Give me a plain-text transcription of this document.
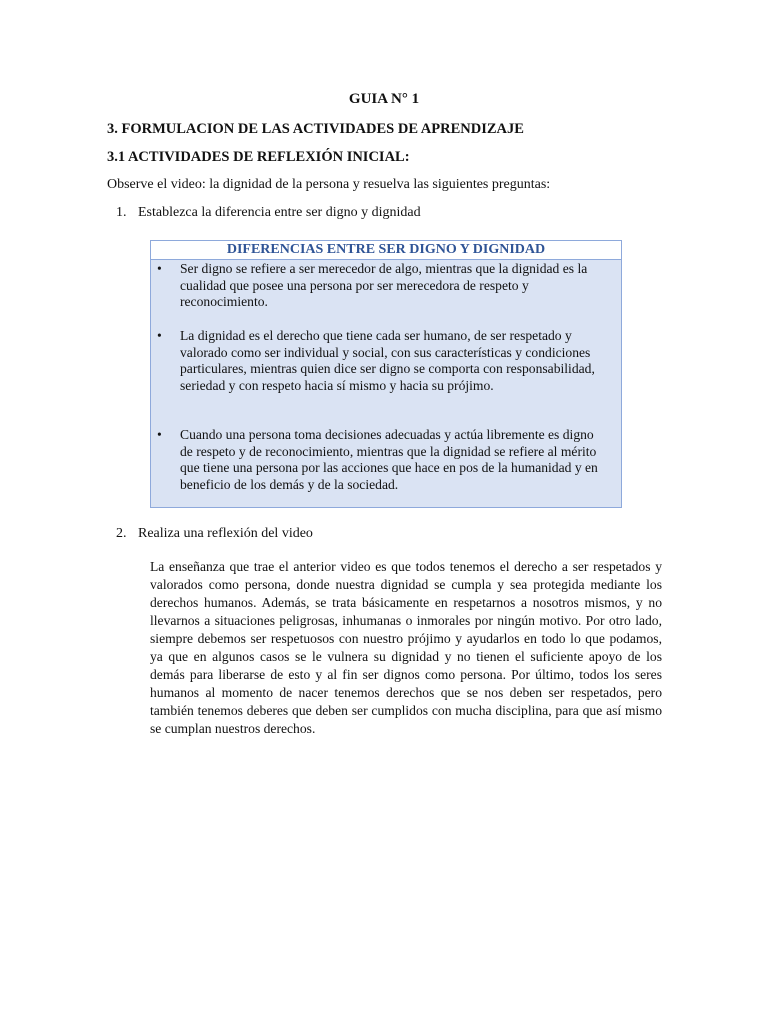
GUIA N° 1
3. FORMULACION DE LAS ACTIVIDADES DE APRENDIZAJE
3.1 ACTIVIDADES DE REFLEXIÓN INICIAL:
Observe el video: la dignidad de la persona y resuelva las siguientes preguntas:
1. Establezca la diferencia entre ser digno y dignidad
DIFERENCIAS ENTRE SER DIGNO Y DIGNIDAD
• Ser digno se refiere a ser merecedor de algo, mientras que la dignidad es la cualidad que posee una persona por ser merecedora de respeto y reconocimiento.
• La dignidad es el derecho que tiene cada ser humano, de ser respetado y valorado como ser individual y social, con sus características y condiciones particulares, mientras quien dice ser digno se comporta con responsabilidad, seriedad y con respeto hacia sí mismo y hacia su prójimo.
• Cuando una persona toma decisiones adecuadas y actúa libremente es digno de respeto y de reconocimiento, mientras que la dignidad se refiere al mérito que tiene una persona por las acciones que hace en pos de la humanidad y en beneficio de los demás y de la sociedad.
2. Realiza una reflexión del video
La enseñanza que trae el anterior video es que todos tenemos el derecho a ser respetados y valorados como persona, donde nuestra dignidad se cumpla y sea protegida mediante los derechos humanos. Además, se trata básicamente en respetarnos a nosotros mismos, y no llevarnos a situaciones peligrosas, inhumanas o inmorales por ningún motivo. Por otro lado, siempre debemos ser respetuosos con nuestro prójimo y ayudarlos en todo lo que podamos, ya que en algunos casos se le vulnera su dignidad y no tienen el suficiente apoyo de los demás para liberarse de esto y al fin ser dignos como persona. Por último, todos los seres humanos al momento de nacer tenemos derechos que se nos deben ser respetados, pero también tenemos deberes que deben ser cumplidos con mucha disciplina, para que así mismo se cumplan nuestros derechos.
